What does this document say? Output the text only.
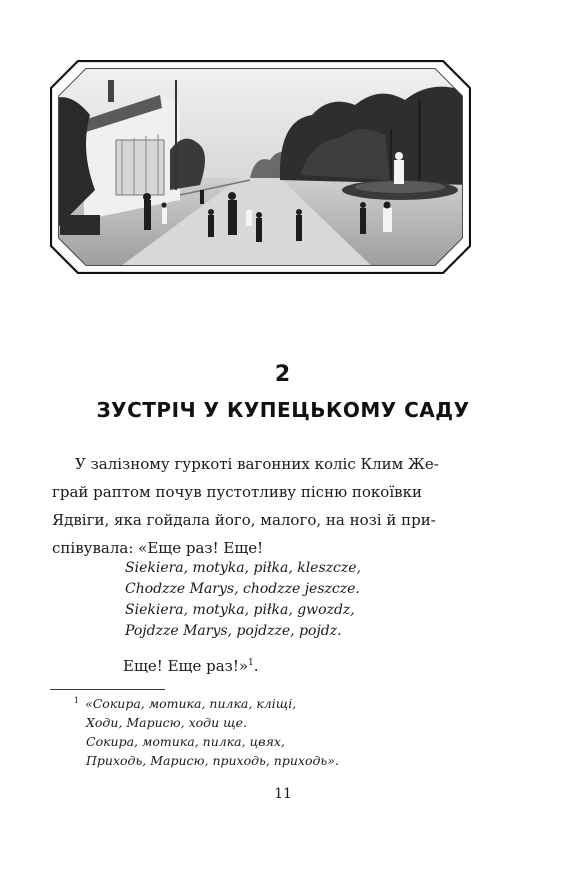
2
ЗУСТРІЧ У КУПЕЦЬКОМУ САДУ
У залізному гуркоті вагонних коліс Клим Же-
грай раптом почув пустотливу пісню покоївки
Ядвіги, яка гойдала його, малого, на нозі й при-
співувала: «Еще раз! Еще!
Siekiera, motyka, piłka, kleszcze,
Chodzze Marys, chodzze jeszcze.
Siekiera, motyka, piłka, gwozdz,
Pojdzze Marys, pojdzze, pojdz.
Еще! Еще раз!»$^1$.
$^1$ «Сокира, мотика, пилка, кліщі,
Ходи, Марисю, ходи ще.
Сокира, мотика, пилка, цвях,
Приходь, Марисю, приходь, приходь».
11
